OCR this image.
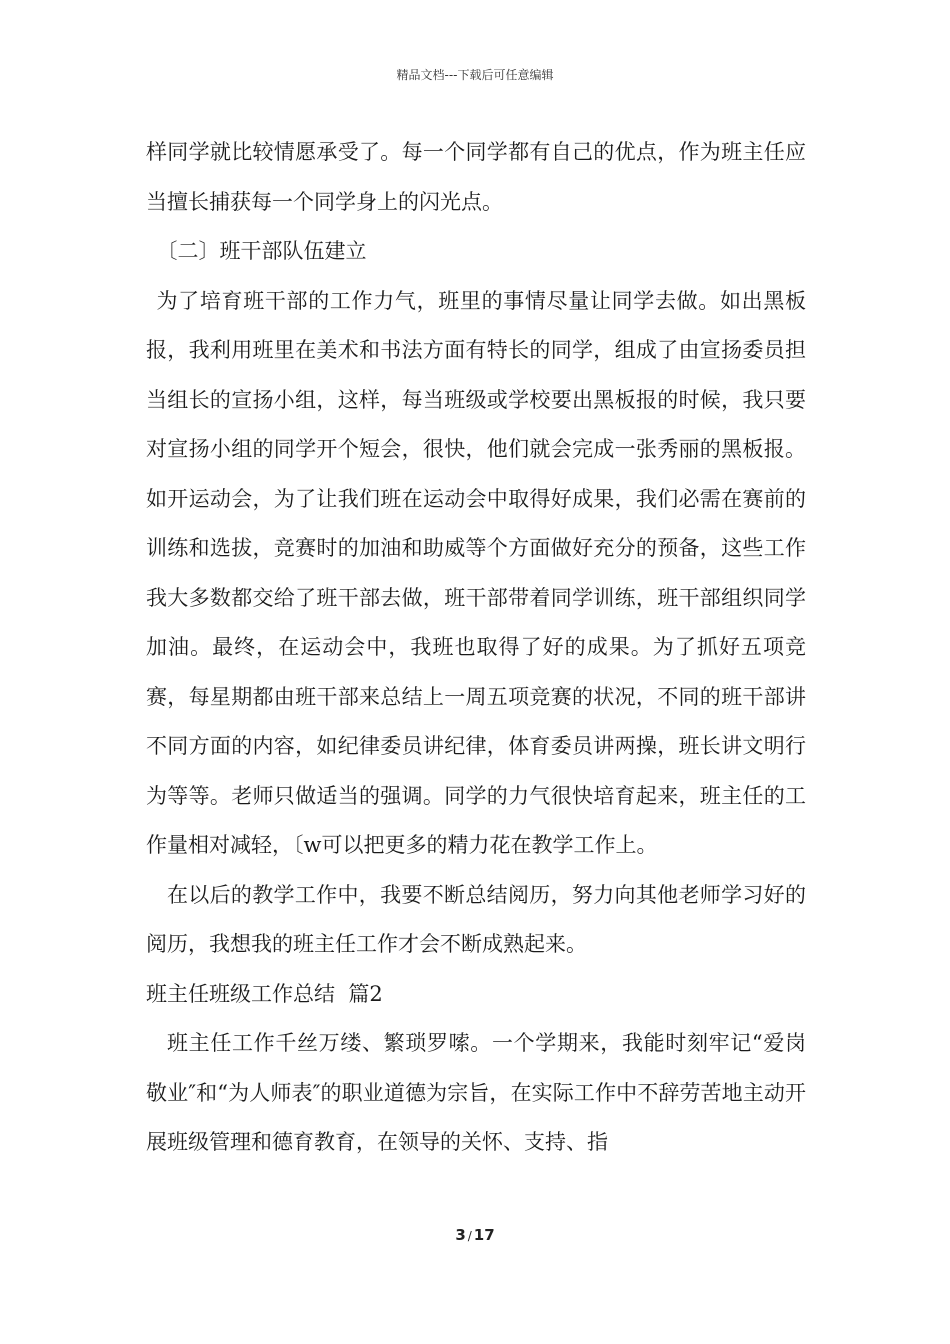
精品文档---下载后可任意编辑

样同学就比较情愿承受了。每一个同学都有自己的优点，作为班主任应当擅长捕获每一个同学身上的闪光点。

〔二〕班干部队伍建立

为了培育班干部的工作力气，班里的事情尽量让同学去做。如出黑板报，我利用班里在美术和书法方面有特长的同学，组成了由宣扬委员担当组长的宣扬小组，这样，每当班级或学校要出黑板报的时候，我只要对宣扬小组的同学开个短会，很快，他们就会完成一张秀丽的黑板报。如开运动会，为了让我们班在运动会中取得好成果，我们必需在赛前的训练和选拔，竞赛时的加油和助威等个方面做好充分的预备，这些工作我大多数都交给了班干部去做，班干部带着同学训练，班干部组织同学加油。最终，在运动会中，我班也取得了好的成果。为了抓好五项竞赛，每星期都由班干部来总结上一周五项竞赛的状况，不同的班干部讲不同方面的内容，如纪律委员讲纪律，体育委员讲两操，班长讲文明行为等等。老师只做适当的强调。同学的力气很快培育起来，班主任的工作量相对减轻，〔w可以把更多的精力花在教学工作上。

在以后的教学工作中，我要不断总结阅历，努力向其他老师学习好的阅历，我想我的班主任工作才会不断成熟起来。

班主任班级工作总结  篇2

班主任工作千丝万缕、繁琐罗嗦。一个学期来，我能时刻牢记“爱岗敬业″和“为人师表″的职业道德为宗旨，在实际工作中不辞劳苦地主动开展班级管理和德育教育，在领导的关怀、支持、指

3 / 17
